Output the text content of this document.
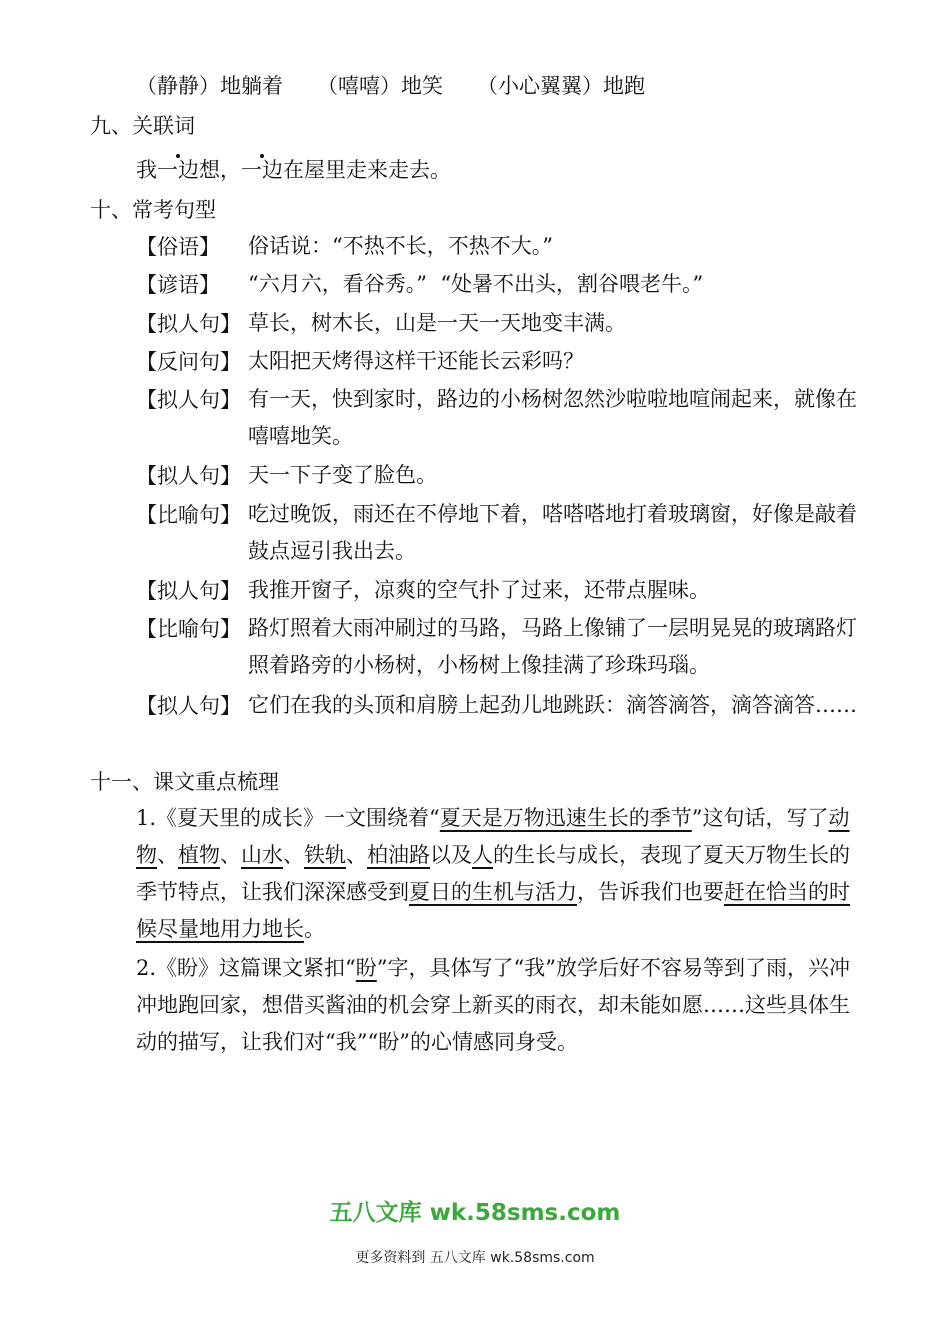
（静静）地躺着 （嘻嘻）地笑 （小心翼翼）地跑
九、关联词
我一边想，一边在屋里走来走去。
十、常考句型
【俗语】 俗话说：“不热不长，不热不大。”
【谚语】 “六月六，看谷秀。”  “处暑不出头，割谷喂老牛。”
【拟人句】 草长，树木长，山是一天一天地变丰满。
【反问句】 太阳把天烤得这样干还能长云彩吗？
【拟人句】 有一天，快到家时，路边的小杨树忽然沙啦啦地喧闹起来，就像在嘻嘻地笑。
【拟人句】 天一下子变了脸色。
【比喻句】 吃过晚饭，雨还在不停地下着，嗒嗒嗒地打着玻璃窗，好像是敲着鼓点逗引我出去。
【拟人句】 我推开窗子，凉爽的空气扑了过来，还带点腥味。
【比喻句】 路灯照着大雨冲刷过的马路，马路上像铺了一层明晃晃的玻璃路灯照着路旁的小杨树，小杨树上像挂满了珍珠玛瑙。
【拟人句】 它们在我的头顶和肩膀上起劲儿地跳跃：滴答滴答，滴答滴答……
十一、课文重点梳理
1.《夏天里的成长》一文围绕着“夏天是万物迅速生长的季节”这句话，写了动物、植物、山水、铁轨、柏油路以及人的生长与成长，表现了夏天万物生长的季节特点，让我们深深感受到夏日的生机与活力，告诉我们也要赶在恰当的时候尽量地用力地长。
2.《盼》这篇课文紧扣“盼”字，具体写了“我”放学后好不容易等到了雨，兴冲冲地跑回家，想借买酱油的机会穿上新买的雨衣，却未能如愿……这些具体生动的描写，让我们对“我”“盼”的心情感同身受。
五八文库 wk.58sms.com
更多资料到 五八文库 wk.58sms.com
